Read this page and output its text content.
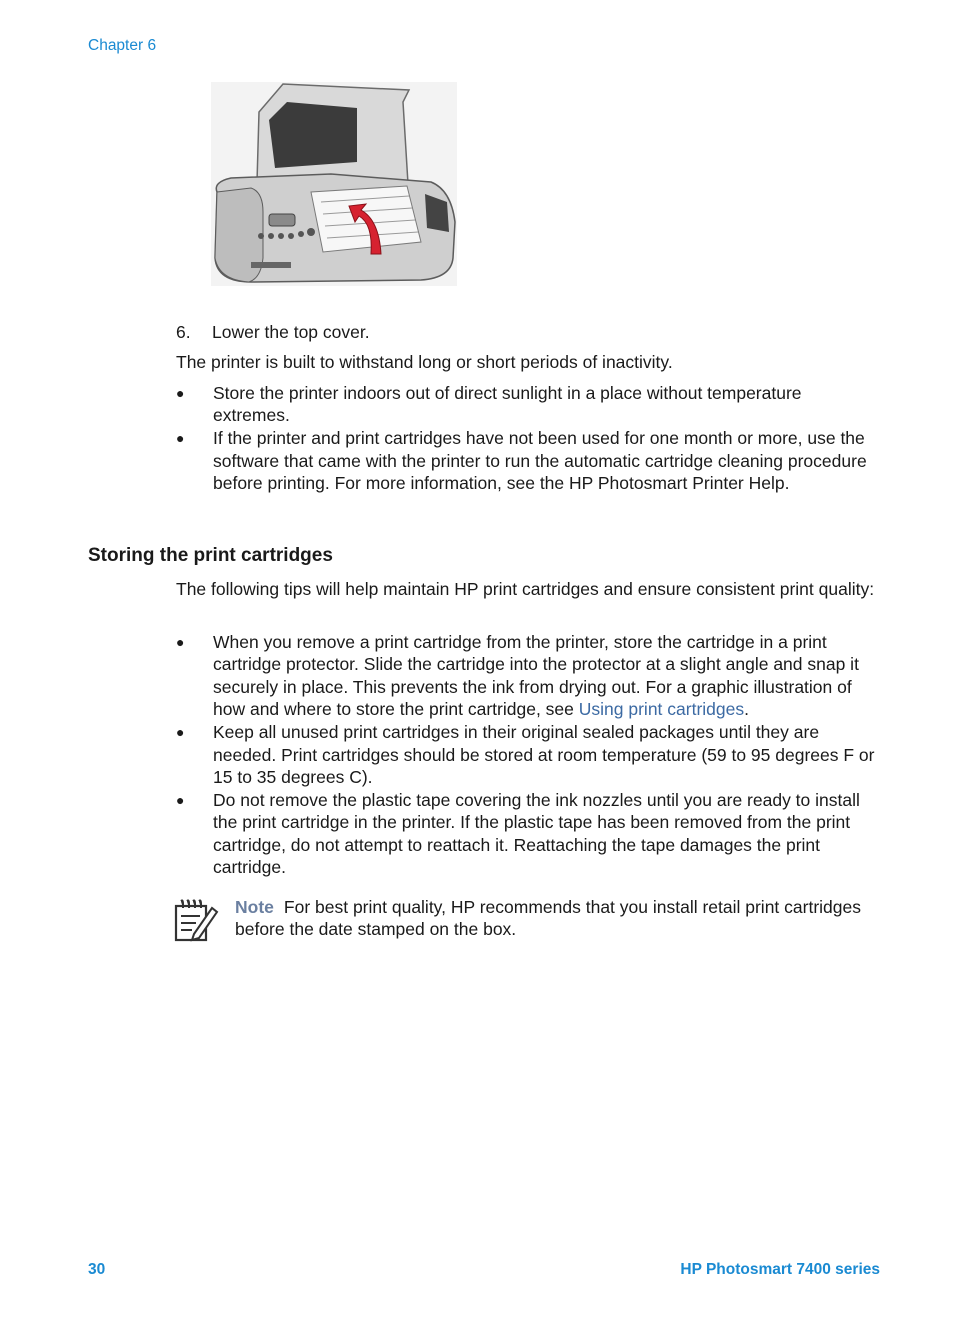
Chapter 6
6. Lower the top cover.

The printer is built to withstand long or short periods of inactivity.

● Store the printer indoors out of direct sunlight in a place without temperature extremes.
● If the printer and print cartridges have not been used for one month or more, use the software that came with the printer to run the automatic cartridge cleaning procedure before printing. For more information, see the HP Photosmart Printer Help.
Storing the print cartridges

The following tips will help maintain HP print cartridges and ensure consistent print quality:

● When you remove a print cartridge from the printer, store the cartridge in a print cartridge protector. Slide the cartridge into the protector at a slight angle and snap it securely in place. This prevents the ink from drying out. For a graphic illustration of how and where to store the print cartridge, see Using print cartridges.
● Keep all unused print cartridges in their original sealed packages until they are needed. Print cartridges should be stored at room temperature (59 to 95 degrees F or 15 to 35 degrees C).
● Do not remove the plastic tape covering the ink nozzles until you are ready to install the print cartridge in the printer. If the plastic tape has been removed from the print cartridge, do not attempt to reattach it. Reattaching the tape damages the print cartridge.
Note For best print quality, HP recommends that you install retail print cartridges before the date stamped on the box.
30	HP Photosmart 7400 series
